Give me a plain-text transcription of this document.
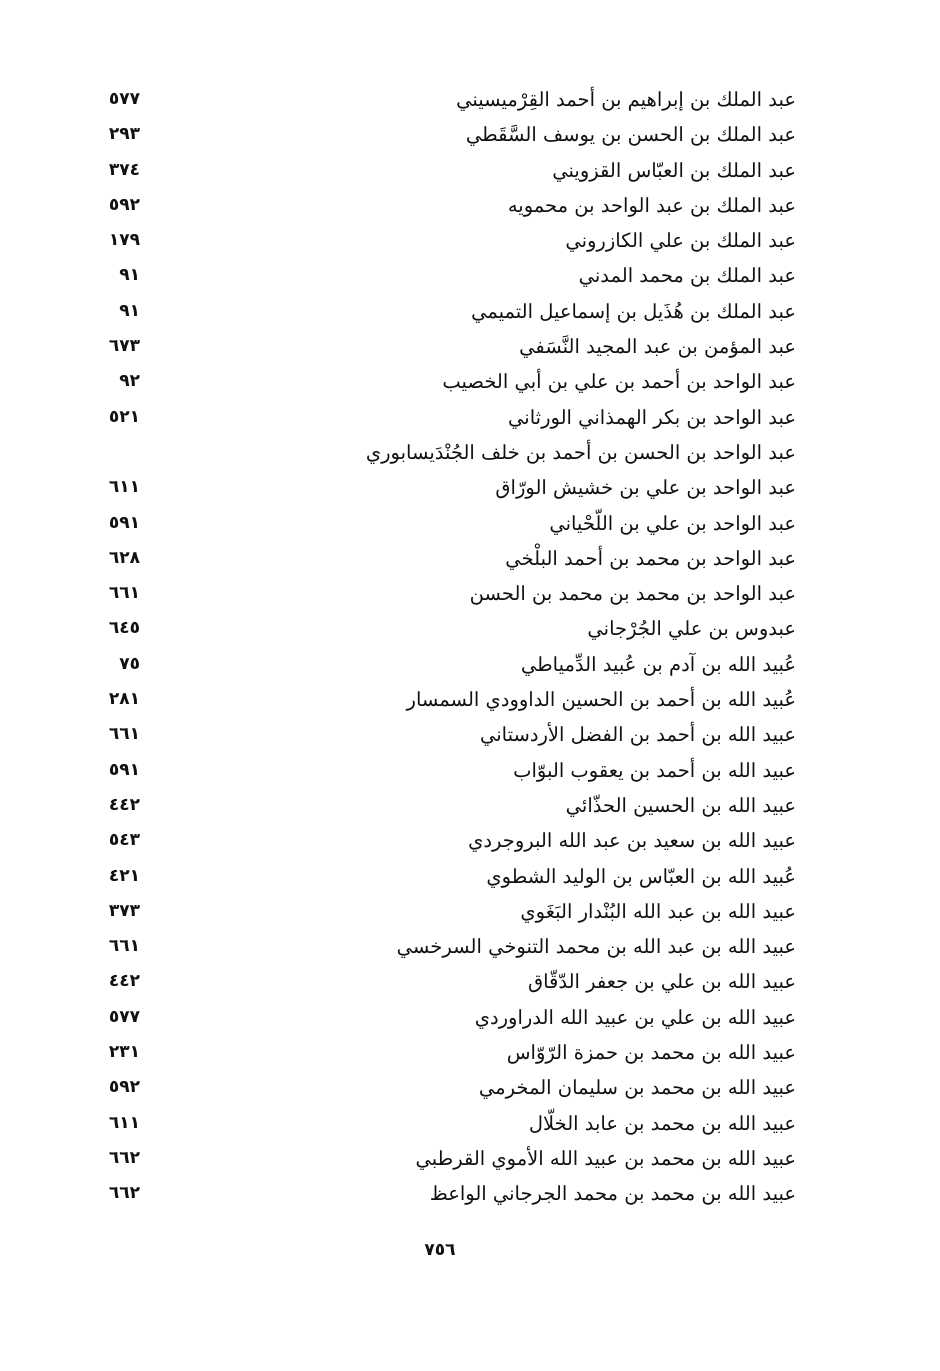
عبد الملك بن إبراهيم بن أحمد القِرْميسيني
٥٧٧
عبد الملك بن الحسن بن يوسف السَّقَطي
٢٩٣
عبد الملك بن العبّاس القزويني
٣٧٤
عبد الملك بن عبد الواحد بن محمويه
٥٩٢
عبد الملك بن علي الكازروني
١٧٩
عبد الملك بن محمد المدني
٩١
عبد الملك بن هُذَيل بن إسماعيل التميمي
٩١
عبد المؤمن بن عبد المجيد النَّسَفي
٦٧٣
عبد الواحد بن أحمد بن علي بن أبي الخصيب
٩٢
عبد الواحد بن بكر الهمذاني الورثاني
٥٢١
عبد الواحد بن الحسن بن أحمد بن خلف الجُنْدَيسابوري
عبد الواحد بن علي بن خشيش الورّاق
٦١١
عبد الواحد بن علي بن اللّحْياني
٥٩١
عبد الواحد بن محمد بن أحمد البلْخي
٦٢٨
عبد الواحد بن محمد بن محمد بن الحسن
٦٦١
عبدوس بن علي الجُرْجاني
٦٤٥
عُبيد الله بن آدم بن عُبيد الدِّمياطي
٧٥
عُبيد الله بن أحمد بن الحسين الداوودي السمسار
٢٨١
عبيد الله بن أحمد بن الفضل الأردستاني
٦٦١
عبيد الله بن أحمد بن يعقوب البوّاب
٥٩١
عبيد الله بن الحسين الحذّائي
٤٤٢
عبيد الله بن سعيد بن عبد الله البروجردي
٥٤٣
عُبيد الله بن العبّاس بن الوليد الشطوي
٤٢١
عبيد الله بن عبد الله البُنْدار البَغَوي
٣٧٣
عبيد الله بن عبد الله بن محمد التنوخي السرخسي
٦٦١
عبيد الله بن علي بن جعفر الدّقّاق
٤٤٢
عبيد الله بن علي بن عبيد الله الدراوردي
٥٧٧
عبيد الله بن محمد بن حمزة الرّوّاس
٢٣١
عبيد الله بن محمد بن سليمان المخرمي
٥٩٢
عبيد الله بن محمد بن عابد الخلّال
٦١١
عبيد الله بن محمد بن عبيد الله الأموي القرطبي
٦٦٢
عبيد الله بن محمد بن محمد الجرجاني الواعظ
٦٦٢
٧٥٦
